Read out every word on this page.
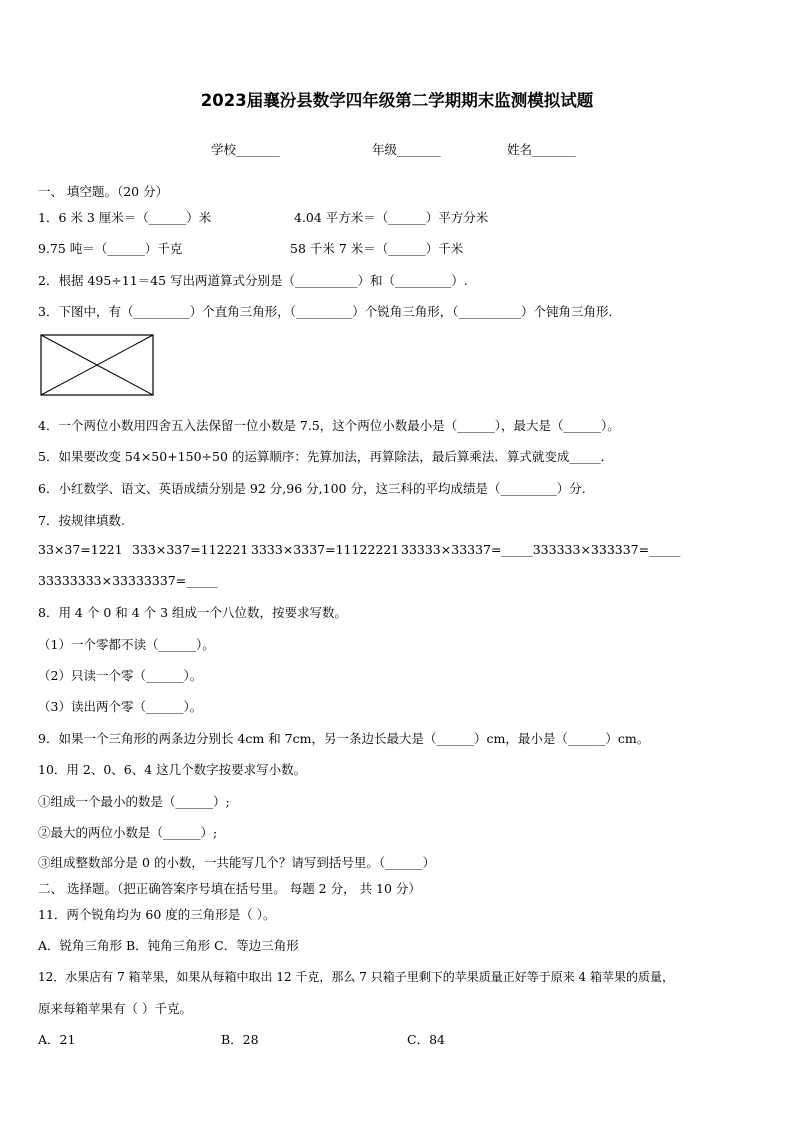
2023届襄汾县数学四年级第二学期期末监测模拟试题
学校_______	年级_______	姓名_______
一、 填空题。（20 分）
1．6 米 3 厘米＝（______）米	4.04 平方米＝（______）平方分米
9.75 吨＝（______）千克	58 千米 7 米＝（______）千米
2．根据 495÷11＝45 写出两道算式分别是（__________）和（_________）.
3．下图中，有（_________）个直角三角形，（_________）个锐角三角形，（__________）个钝角三角形．
4．一个两位小数用四舍五入法保留一位小数是 7.5，这个两位小数最小是（______），最大是（______）。
5．如果要改变 54×50+150÷50 的运算顺序：先算加法，再算除法，最后算乘法．算式就变成_____．
6．小红数学、语文、英语成绩分别是 92 分,96 分,100 分，这三科的平均成绩是（_________）分.
7．按规律填数.
33×37=1221 333×337=112221 3333×3337=11122221 33333×33337=_____333333×333337=_____
33333333×33333337=_____
8．用 4 个 0 和 4 个 3 组成一个八位数，按要求写数。
（1）一个零都不读（______）。
（2）只读一个零（______）。
（3）读出两个零（______）。
9．如果一个三角形的两条边分别长 4cm 和 7cm，另一条边长最大是（______）cm，最小是（______）cm。
10．用 2、0、6、4 这几个数字按要求写小数。
①组成一个最小的数是（______）;
②最大的两位小数是（______）;
③组成整数部分是 0 的小数，一共能写几个？请写到括号里。（______）
二、 选择题。（把正确答案序号填在括号里。 每题 2 分， 共 10 分）
11．两个锐角均为 60 度的三角形是（ ）。
A．锐角三角形 B．钝角三角形 C．等边三角形
12．水果店有 7 箱苹果，如果从每箱中取出 12 千克，那么 7 只箱子里剩下的苹果质量正好等于原来 4 箱苹果的质量，
原来每箱苹果有（ ）千克。
A．21	B．28	C．84
